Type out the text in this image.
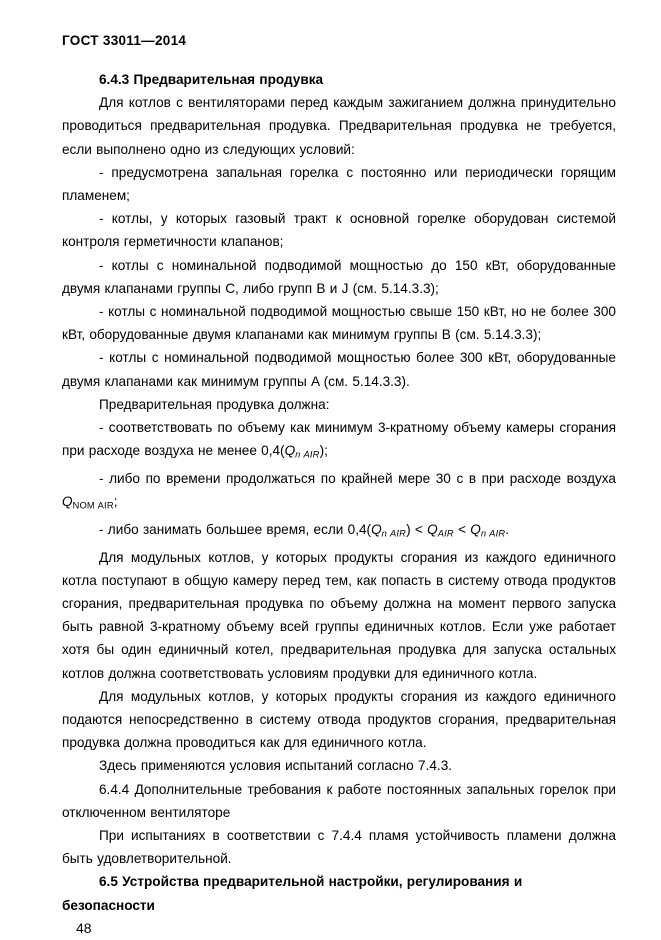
ГОСТ 33011—2014

6.4.3 Предварительная продувка

Для котлов с вентиляторами перед каждым зажиганием должна принудительно проводиться предварительная продувка. Предварительная продувка не требуется, если выполнено одно из следующих условий:

- предусмотрена запальная горелка с постоянно или периодически горящим пламенем;

- котлы, у которых газовый тракт к основной горелке оборудован системой контроля герметичности клапанов;

- котлы с номинальной подводимой мощностью до 150 кВт, оборудованные двумя клапанами группы C, либо групп B и J (см. 5.14.3.3);

- котлы с номинальной подводимой мощностью свыше 150 кВт, но не более 300 кВт, оборудованные двумя клапанами как минимум группы B (см. 5.14.3.3);

- котлы с номинальной подводимой мощностью более 300 кВт, оборудованные двумя клапанами как минимум группы A (см. 5.14.3.3).

Предварительная продувка должна:

- соответствовать по объему как минимум 3-кратному объему камеры сгорания при расходе воздуха не менее 0,4(Qn AIR);

- либо по времени продолжаться по крайней мере 30 с в при расходе воздуха QNOM AIR;

- либо занимать большее время, если 0,4(Qn AIR) < QAIR < Qn AIR.

Для модульных котлов, у которых продукты сгорания из каждого единичного котла поступают в общую камеру перед тем, как попасть в систему отвода продуктов сгорания, предварительная продувка по объему должна на момент первого запуска быть равной 3-кратному объему всей группы единичных котлов. Если уже работает хотя бы один единичный котел, предварительная продувка для запуска остальных котлов должна соответствовать условиям продувки для единичного котла.

Для модульных котлов, у которых продукты сгорания из каждого единичного подаются непосредственно в систему отвода продуктов сгорания, предварительная продувка должна проводиться как для единичного котла.

Здесь применяются условия испытаний согласно 7.4.3.

6.4.4 Дополнительные требования к работе постоянных запальных горелок при отключенном вентиляторе

При испытаниях в соответствии с 7.4.4 пламя устойчивость пламени должна быть удовлетворительной.

6.5 Устройства предварительной настройки, регулирования и безопасности

48
